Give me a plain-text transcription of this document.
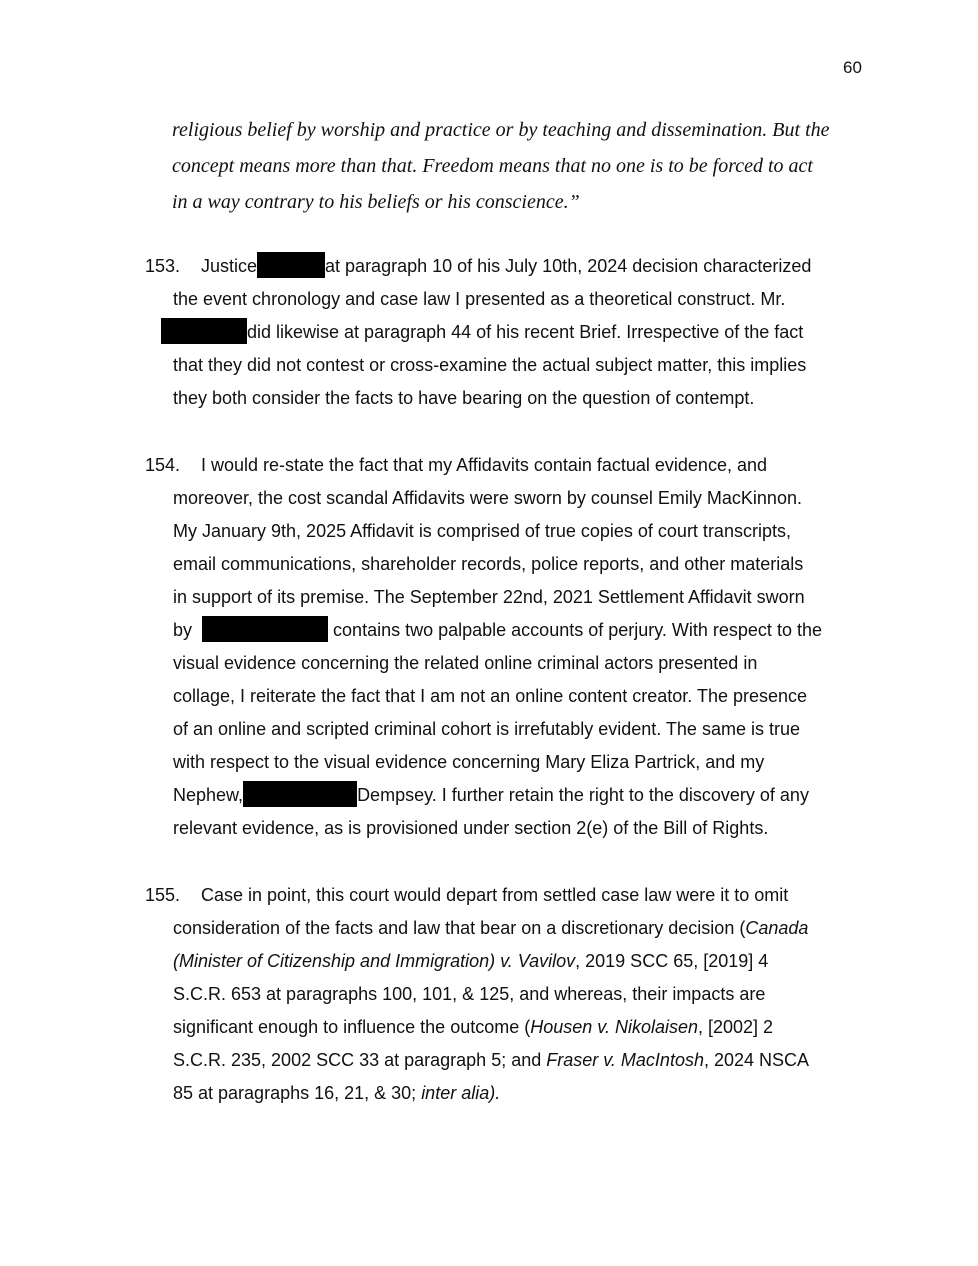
60
religious belief by worship and practice or by teaching and dissemination. But the
concept means more than that. Freedom means that no one is to be forced to act
in a way contrary to his beliefs or his conscience.”
153. Justice	at paragraph 10 of his July 10th, 2024 decision characterized
the event chronology and case law I presented as a theoretical construct. Mr.
did likewise at paragraph 44 of his recent Brief. Irrespective of the fact
that they did not contest or cross-examine the actual subject matter, this implies
they both consider the facts to have bearing on the question of contempt.
154. I would re-state the fact that my Affidavits contain factual evidence, and
moreover, the cost scandal Affidavits were sworn by counsel Emily MacKinnon.
My January 9th, 2025 Affidavit is comprised of true copies of court transcripts,
email communications, shareholder records, police reports, and other materials
in support of its premise. The September 22nd, 2021 Settlement Affidavit sworn
by	contains two palpable accounts of perjury. With respect to the
visual evidence concerning the related online criminal actors presented in
collage, I reiterate the fact that I am not an online content creator. The presence
of an online and scripted criminal cohort is irrefutably evident. The same is true
with respect to the visual evidence concerning Mary Eliza Partrick, and my
Nephew,	Dempsey. I further retain the right to the discovery of any
relevant evidence, as is provisioned under section 2(e) of the Bill of Rights.
155. Case in point, this court would depart from settled case law were it to omit
consideration of the facts and law that bear on a discretionary decision (Canada
(Minister of Citizenship and Immigration) v. Vavilov, 2019 SCC 65, [2019] 4
S.C.R. 653 at paragraphs 100, 101, & 125, and whereas, their impacts are
significant enough to influence the outcome (Housen v. Nikolaisen, [2002] 2
S.C.R. 235, 2002 SCC 33 at paragraph 5; and Fraser v. MacIntosh, 2024 NSCA
85 at paragraphs 16, 21, & 30; inter alia).
